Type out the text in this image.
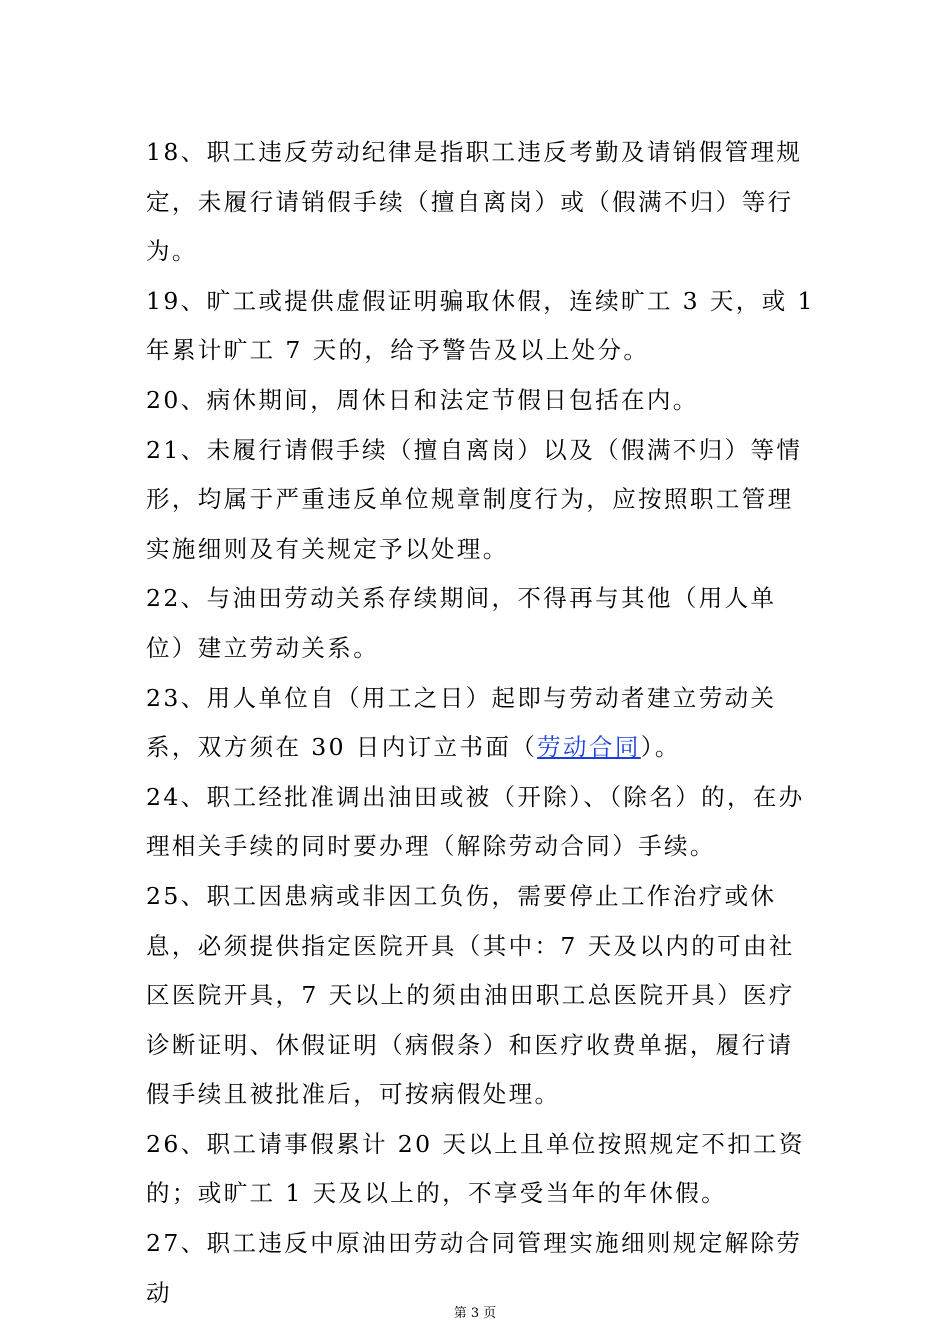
18、职工违反劳动纪律是指职工违反考勤及请销假管理规定，未履行请销假手续（擅自离岗）或（假满不归）等行为。

19、旷工或提供虚假证明骗取休假，连续旷工 3 天，或 1 年累计旷工 7 天的，给予警告及以上处分。

20、病休期间，周休日和法定节假日包括在内。

21、未履行请假手续（擅自离岗）以及（假满不归）等情形，均属于严重违反单位规章制度行为，应按照职工管理实施细则及有关规定予以处理。

22、与油田劳动关系存续期间，不得再与其他（用人单位）建立劳动关系。

23、用人单位自（用工之日）起即与劳动者建立劳动关系，双方须在 30 日内订立书面（劳动合同）。

24、职工经批准调出油田或被（开除）、（除名）的，在办理相关手续的同时要办理（解除劳动合同）手续。

25、职工因患病或非因工负伤，需要停止工作治疗或休息，必须提供指定医院开具（其中：7 天及以内的可由社区医院开具，7 天以上的须由油田职工总医院开具）医疗诊断证明、休假证明（病假条）和医疗收费单据，履行请假手续且被批准后，可按病假处理。

26、职工请事假累计 20 天以上且单位按照规定不扣工资的；或旷工 1 天及以上的，不享受当年的年休假。

27、职工违反中原油田劳动合同管理实施细则规定解除劳动

第 3 页
